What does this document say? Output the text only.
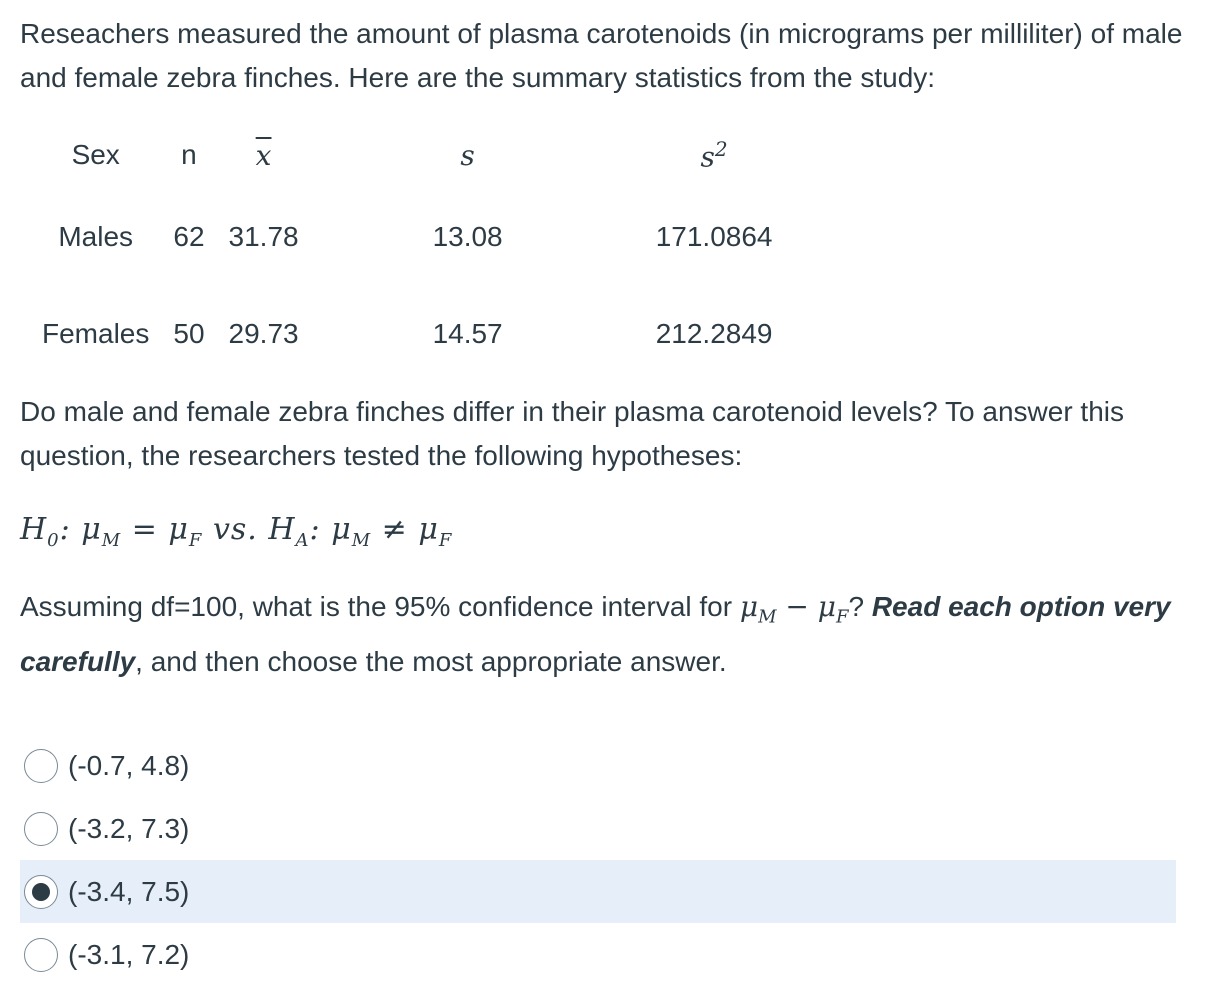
Reseachers measured the amount of plasma carotenoids (in micrograms per milliliter) of male and female zebra finches. Here are the summary statistics from the study:

Sex	n	$\overline{x}$	s	$s^2$
Males	62	31.78	13.08	171.0864
Females	50	29.73	14.57	212.2849

Do male and female zebra finches differ in their plasma carotenoid levels? To answer this question, the researchers tested the following hypotheses:

$H_0$: $\mu_M = \mu_F$ vs. $H_A$: $\mu_M \ne \mu_F$

Assuming df=100, what is the 95% confidence interval for $\mu_M - \mu_F$? Read each option very carefully, and then choose the most appropriate answer.

(-0.7, 4.8)
(-3.2, 7.3)
(-3.4, 7.5)
(-3.1, 7.2)
